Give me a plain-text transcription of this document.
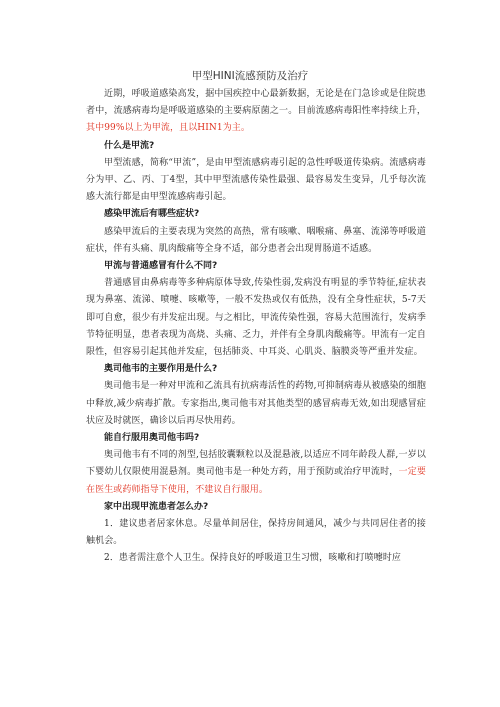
甲型HINI流感预防及治疗

近期，呼吸道感染高发，据中国疾控中心最新数据，无论是在门急诊或是住院患者中，流感病毒均是呼吸道感染的主要病原菌之一。目前流感病毒阳性率持续上升，其中99%以上为甲流，且以HIN1为主。

什么是甲流?

甲型流感，简称“甲流”，是由甲型流感病毒引起的急性呼吸道传染病。流感病毒分为甲、乙、丙、丁4型，其中甲型流感传染性最强、最容易发生变异，几乎每次流感大流行都是由甲型流感病毒引起。

感染甲流后有哪些症状?

感染甲流后的主要表现为突然的高热，常有咳嗽、咽喉痛、鼻塞、流涕等呼吸道症状，伴有头痛、肌肉酸痛等全身不适，部分患者会出现胃肠道不适感。

甲流与普通感冒有什么不同?

普通感冒由鼻病毒等多种病原体导致,传染性弱,发病没有明显的季节特征,症状表现为鼻塞、流涕、喷嚏、咳嗽等，一般不发热或仅有低热，没有全身性症状，5-7天即可自愈，很少有并发症出现。与之相比，甲流传染性强，容易大范围流行，发病季节特征明显，患者表现为高烧、头痛、乏力，并伴有全身肌肉酸痛等。甲流有一定自限性，但容易引起其他并发症，包括肺炎、中耳炎、心肌炎、脑膜炎等严重并发症。

奥司他韦的主要作用是什么?

奥司他韦是一种对甲流和乙流具有抗病毒活性的药物,可抑制病毒从被感染的细胞中释放,减少病毒扩散。专家指出,奥司他韦对其他类型的感冒病毒无效,如出现感冒症状应及时就医，确诊以后再尽快用药。

能自行服用奥司他韦吗?

奥司他韦有不同的剂型,包括胶囊颗粒以及混悬液,以适应不同年龄段人群,一岁以下婴幼儿仅限使用混悬剂。奥司他韦是一种处方药，用于预防或治疗甲流时，一定要在医生或药师指导下使用，不建议自行服用。

家中出现甲流患者怎么办?

1．建议患者居家休息。尽量单间居住，保持房间通风，减少与共同居住者的接触机会。

2．患者需注意个人卫生。保持良好的呼吸道卫生习惯，咳嗽和打喷嚏时应
